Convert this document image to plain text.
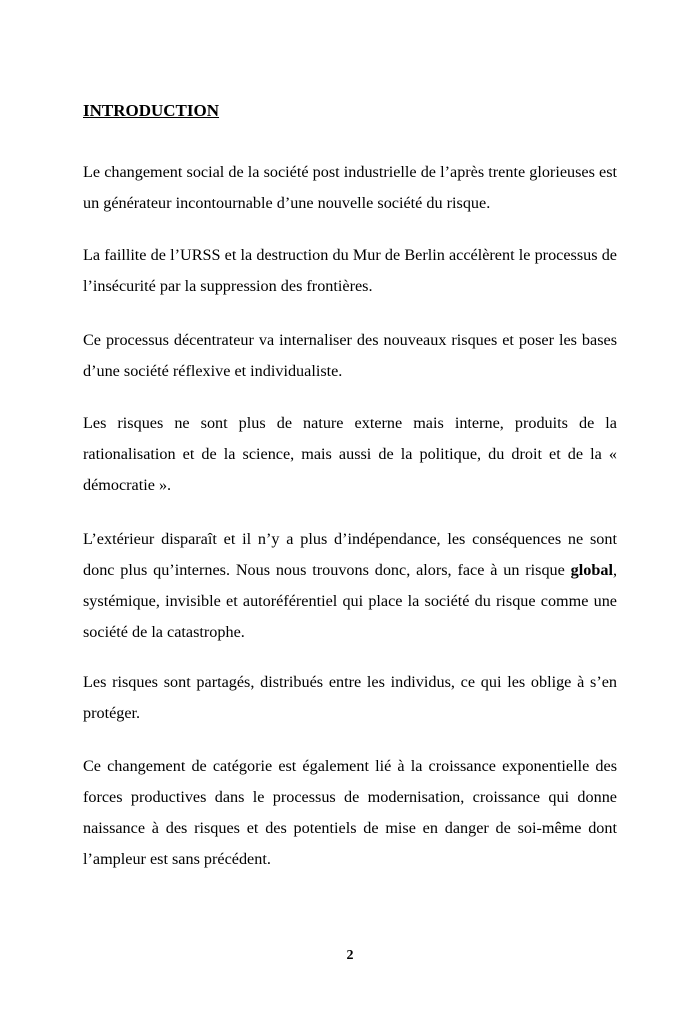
INTRODUCTION

Le changement social de la société post industrielle de l’après trente glorieuses est un générateur incontournable d’une nouvelle société du risque.

La faillite de l’URSS et la destruction du Mur de Berlin accélèrent le processus de l’insécurité par la suppression des frontières.

Ce processus décentrateur va internaliser des nouveaux risques et poser les bases d’une société réflexive et individualiste.

Les risques ne sont plus de nature externe mais interne, produits de la rationalisation et de la science, mais aussi de la politique, du droit et de la « démocratie ».

L’extérieur disparaît et il n’y a plus d’indépendance, les conséquences ne sont donc plus qu’internes. Nous nous trouvons donc, alors, face à un risque global, systémique, invisible et autoréférentiel qui place la société du risque comme une société de la catastrophe.

Les risques sont partagés, distribués entre les individus, ce qui les oblige à s’en protéger.

Ce changement de catégorie est également lié à la croissance exponentielle des forces productives dans le processus de modernisation, croissance qui donne naissance à des risques et des potentiels de mise en danger de soi-même dont l’ampleur est sans précédent.

2
